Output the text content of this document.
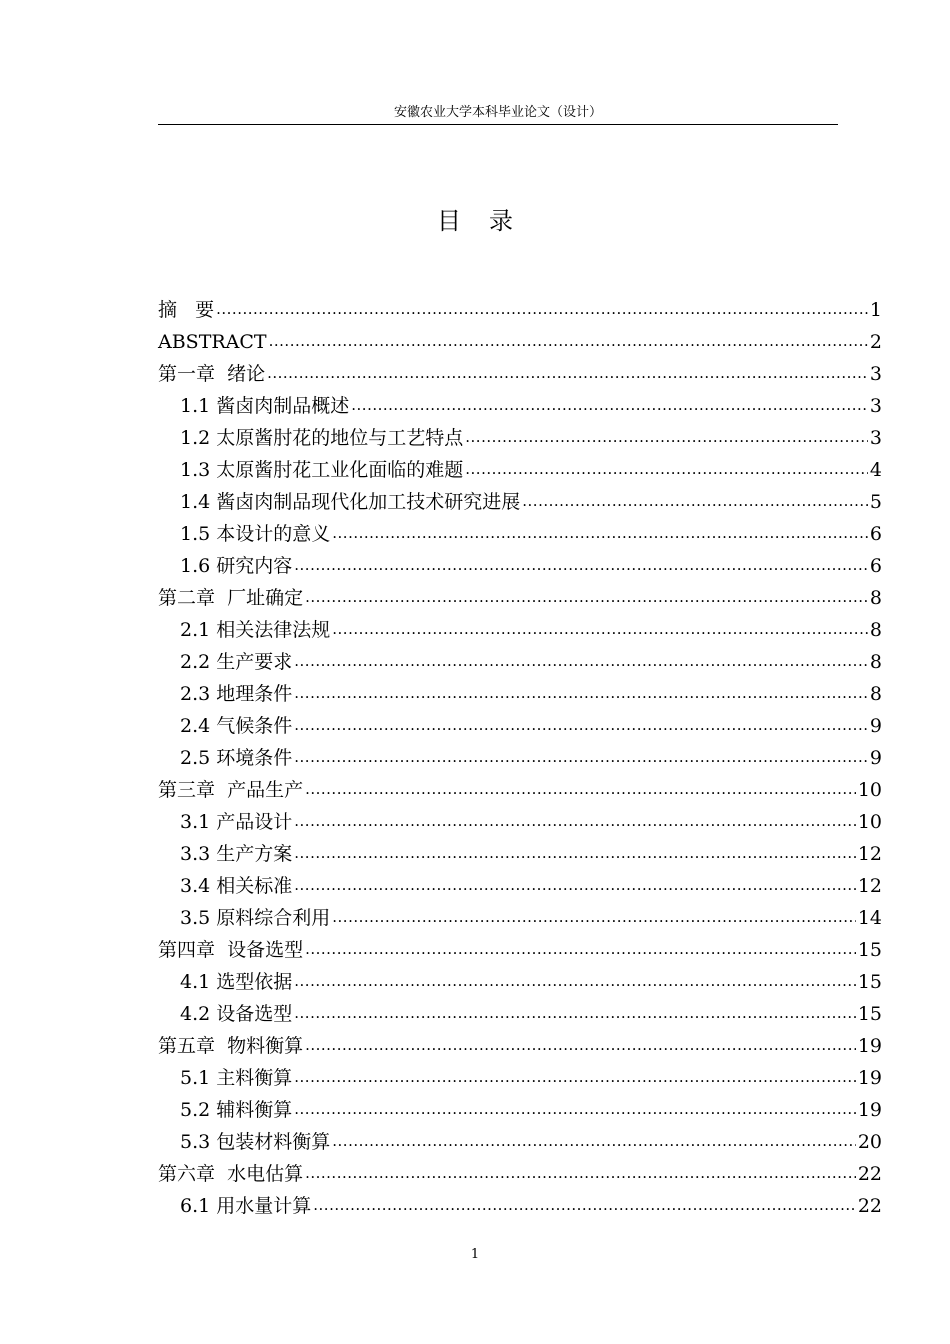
安徽农业大学本科毕业论文（设计）
目录
摘   要 .....	1
ABSTRACT .....	2
第一章  绪论 .....	3
1.1 酱卤肉制品概述 .....	3
1.2 太原酱肘花的地位与工艺特点 .....	3
1.3 太原酱肘花工业化面临的难题 .....	4
1.4 酱卤肉制品现代化加工技术研究进展 .....	5
1.5 本设计的意义 .....	6
1.6 研究内容 .....	6
第二章  厂址确定 .....	8
2.1 相关法律法规 .....	8
2.2 生产要求 .....	8
2.3 地理条件 .....	8
2.4 气候条件 .....	9
2.5 环境条件 .....	9
第三章  产品生产 .....	10
3.1 产品设计 .....	10
3.3 生产方案 .....	12
3.4 相关标准 .....	12
3.5 原料综合利用 .....	14
第四章  设备选型 .....	15
4.1 选型依据 .....	15
4.2 设备选型 .....	15
第五章  物料衡算 .....	19
5.1 主料衡算 .....	19
5.2 辅料衡算 .....	19
5.3 包装材料衡算 .....	20
第六章  水电估算 .....	22
6.1 用水量计算 .....	22
1
